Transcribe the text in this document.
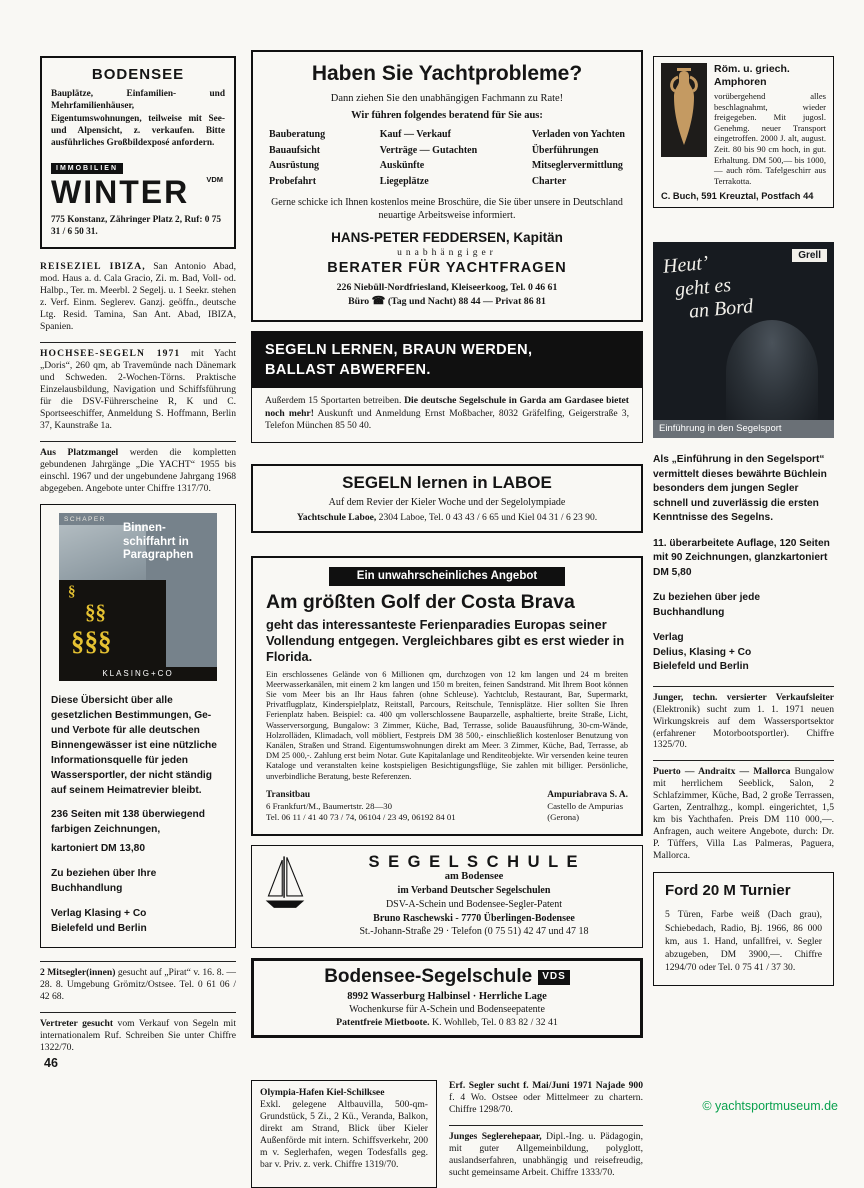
BODENSEE

Bauplätze, Einfamilien- und Mehrfamilienhäuser, Eigentumswohnungen, teilweise mit See- und Alpensicht, z. verkaufen. Bitte ausführliches Großbildexposé anfordern.

IMMOBILIEN
WINTER VDM

775 Konstanz, Zähringer Platz 2, Ruf: 0 75 31 / 6 50 31.

REISEZIEL IBIZA, San Antonio Abad, mod. Haus a. d. Cala Gracio, Zi. m. Bad, Voll- od. Halbp., Ter. m. Meerbl. 2 Segelj. u. 1 Seekr. stehen z. Verf. Einm. Seglerev. Ganzj. geöffn., deutsche Ltg. Resid. Tamina, San Ant. Abad, IBIZA, Spanien.

HOCHSEE-SEGELN 1971 mit Yacht „Doris“, 260 qm, ab Travemünde nach Dänemark und Schweden. 2-Wochen-Törns. Praktische Einzelausbildung, Navigation und Schiffsführung für die DSV-Führerscheine R, K und C. Sportseeschiffer, Anmeldung S. Hoffmann, Berlin 37, Kaunstraße 1a.

Aus Platzmangel werden die kompletten gebundenen Jahrgänge „Die YACHT“ 1955 bis einschl. 1967 und der ungebundene Jahrgang 1968 abgegeben. Angebote unter Chiffre 1317/70.

SCHAPER
Binnen-
schiffahrt in
Paragraphen
§
§§
§§§
KLASING+CO

Diese Übersicht über alle gesetzlichen Bestimmungen, Ge- und Verbote für alle deutschen Binnengewässer ist eine nützliche Informationsquelle für jeden Wassersportler, der nicht ständig auf seinem Heimatrevier bleibt.

236 Seiten mit 138 überwiegend farbigen Zeichnungen,

kartoniert DM 13,80

Zu beziehen über Ihre Buchhandlung

Verlag Klasing + Co
Bielefeld und Berlin

2 Mitsegler(innen) gesucht auf „Pirat“ v. 16. 8. — 28. 8. Umgebung Grömitz/Ostsee. Tel. 0 61 06 / 42 68.

Vertreter gesucht vom Verkauf von Segeln mit internationalem Ruf. Schreiben Sie unter Chiffre 1322/70.

Haben Sie Yachtprobleme?
Dann ziehen Sie den unabhängigen Fachmann zu Rate!
Wir führen folgendes beratend für Sie aus:
Bauberatung
Bauaufsicht
Ausrüstung
Probefahrt
Kauf — Verkauf
Verträge — Gutachten
Auskünfte
Liegeplätze
Verladen von Yachten
Überführungen
Mitseglervermittlung
Charter
Gerne schicke ich Ihnen kostenlos meine Broschüre, die Sie über unsere in Deutschland neuartige Arbeitsweise informiert.
HANS-PETER FEDDERSEN, Kapitän
unabhängiger
BERATER FÜR YACHTFRAGEN
226 Niebüll-Nordfriesland, Kleiseerkoog, Tel. 0 46 61
Büro ☎ (Tag und Nacht) 88 44 — Privat 86 81
SEGELN LERNEN, BRAUN WERDEN,
BALLAST ABWERFEN.

Außerdem 15 Sportarten betreiben. Die deutsche Segelschule in Garda am Gardasee bietet noch mehr! Auskunft und Anmeldung Ernst Moßbacher, 8032 Gräfelfing, Geigerstraße 3, Telefon München 85 50 40.

SEGELN lernen in LABOE
Auf dem Revier der Kieler Woche und der Segelolympiade
Yachtschule Laboe, 2304 Laboe, Tel. 0 43 43 / 6 65 und Kiel 04 31 / 6 23 90.
Ein unwahrscheinliches Angebot
Am größten Golf der Costa Brava
geht das interessanteste Ferienparadies Europas seiner Vollendung entgegen. Vergleichbares gibt es erst wieder in Florida.

Ein erschlossenes Gelände von 6 Millionen qm, durchzogen von 12 km langen und 24 m breiten Meerwasserkanälen, mit einem 2 km langen und 150 m breiten, feinen Sandstrand. Mit Ihrem Boot können Sie vom Meer bis an Ihr Haus fahren (ohne Schleuse). Yachtclub, Restaurant, Bar, Supermarkt, Privatflugplatz, Kinderspielplatz, Reitstall, Parcours, Reitschule, Tennisplätze. Hier sollten Sie Ihren Ferienplatz haben. Beispiel: ca. 400 qm vollerschlossene Bauparzelle, asphaltierte, breite Straße, Licht, Wasserversorgung, Bungalow: 3 Zimmer, Küche, Bad, Terrasse, solide Bauausführung, 30-cm-Wände, Holzrolläden, Klimadach, voll möbliert, Festpreis DM 38 500,- einschließlich kostenloser Benutzung von Kanälen, Straßen und Strand. Eigentumswohnungen direkt am Meer. 3 Zimmer, Küche, Bad, Terrasse, ab DM 25 000,-. Zahlung erst beim Notar. Gute Kapitalanlage und Renditeobjekte. Wir versenden keine teuren Kataloge und veranstalten keine kostspieligen Besichtigungsflüge, Sie zahlen mit billiger. Persönliche, unverbindliche Beratung, beste Referenzen.

Transitbau
6 Frankfurt/M., Baumertstr. 28—30
Tel. 06 11 / 41 40 73 / 74, 06104 / 23 49, 06192 84 01
Ampuriabrava S. A.
Castello de Ampurias
(Gerona)
S E G E L S C H U L E
am Bodensee
im Verband Deutscher Segelschulen
DSV-A-Schein und Bodensee-Segler-Patent
Bruno Raschewski - 7770 Überlingen-Bodensee
St.-Johann-Straße 29 · Telefon (0 75 51) 42 47 und 47 18
Bodensee-Segelschule VDS
8992 Wasserburg Halbinsel · Herrliche Lage
Wochenkurse für A-Schein und Bodenseepatente
Patentfreie Mietboote. K. Wohlleb, Tel. 0 83 82 / 32 41

Olympia-Hafen Kiel-Schilksee
Exkl. gelegene Altbauvilla, 500-qm-Grundstück, 5 Zi., 2 Kü., Veranda, Balkon, direkt am Strand, Blick über Kieler Außenförde mit intern. Schiffsverkehr, 200 m v. Seglerhafen, wegen Todesfalls geg. bar v. Priv. z. verk. Chiffre 1319/70.

Erf. Segler sucht f. Mai/Juni 1971 Najade 900 f. 4 Wo. Ostsee oder Mittelmeer zu chartern. Chiffre 1298/70.

Junges Seglerehepaar, Dipl.-Ing. u. Pädagogin, mit guter Allgemeinbildung, polyglott, auslandserfahren, unabhängig und reisefreudig, sucht gemeinsame Arbeit. Chiffre 1333/70.

Röm. u. griech. Amphoren

vorübergehend alles beschlagnahmt, wieder freigegeben. Mit jugosl. Genehmg. neuer Transport eingetroffen. 2000 J. alt, august. Zeit. 80 bis 90 cm hoch, in gut. Erhaltung. DM 500,— bis 1000,— auch röm. Tafelgeschirr aus Terrakotta.

C. Buch, 591 Kreuztal, Postfach 44
Heut’
geht es
an Bord
Grell
Einführung in den Segelsport

Als „Einführung in den Segelsport“ vermittelt dieses bewährte Büchlein besonders dem jungen Segler schnell und zuverlässig die ersten Kenntnisse des Segelns.

11. überarbeitete Auflage, 120 Seiten mit 90 Zeichnungen, glanzkartoniert DM 5,80

Zu beziehen über jede Buchhandlung

Verlag
Delius, Klasing + Co
Bielefeld und Berlin

Junger, techn. versierter Verkaufsleiter (Elektronik) sucht zum 1. 1. 1971 neuen Wirkungskreis auf dem Wassersportsektor (erfahrener Motorbootsportler). Chiffre 1325/70.

Puerto — Andraitx — Mallorca Bungalow mit herrlichem Seeblick, Salon, 2 Schlafzimmer, Küche, Bad, 2 große Terrassen, Garten, Zentralhzg., kompl. eingerichtet, 1,5 km bis Yachthafen. Preis DM 110 000,—. Anfragen, auch weitere Angebote, durch: Dr. P. Tüffers, Villa Las Palmeras, Paguera, Mallorca.

Ford 20 M Turnier

5 Türen, Farbe weiß (Dach grau), Schiebedach, Radio, Bj. 1966, 86 000 km, aus 1. Hand, unfallfrei, v. Segler abzugeben, DM 3900,—. Chiffre 1294/70 oder Tel. 0 75 41 / 37 30.

46
© yachtsportmuseum.de
